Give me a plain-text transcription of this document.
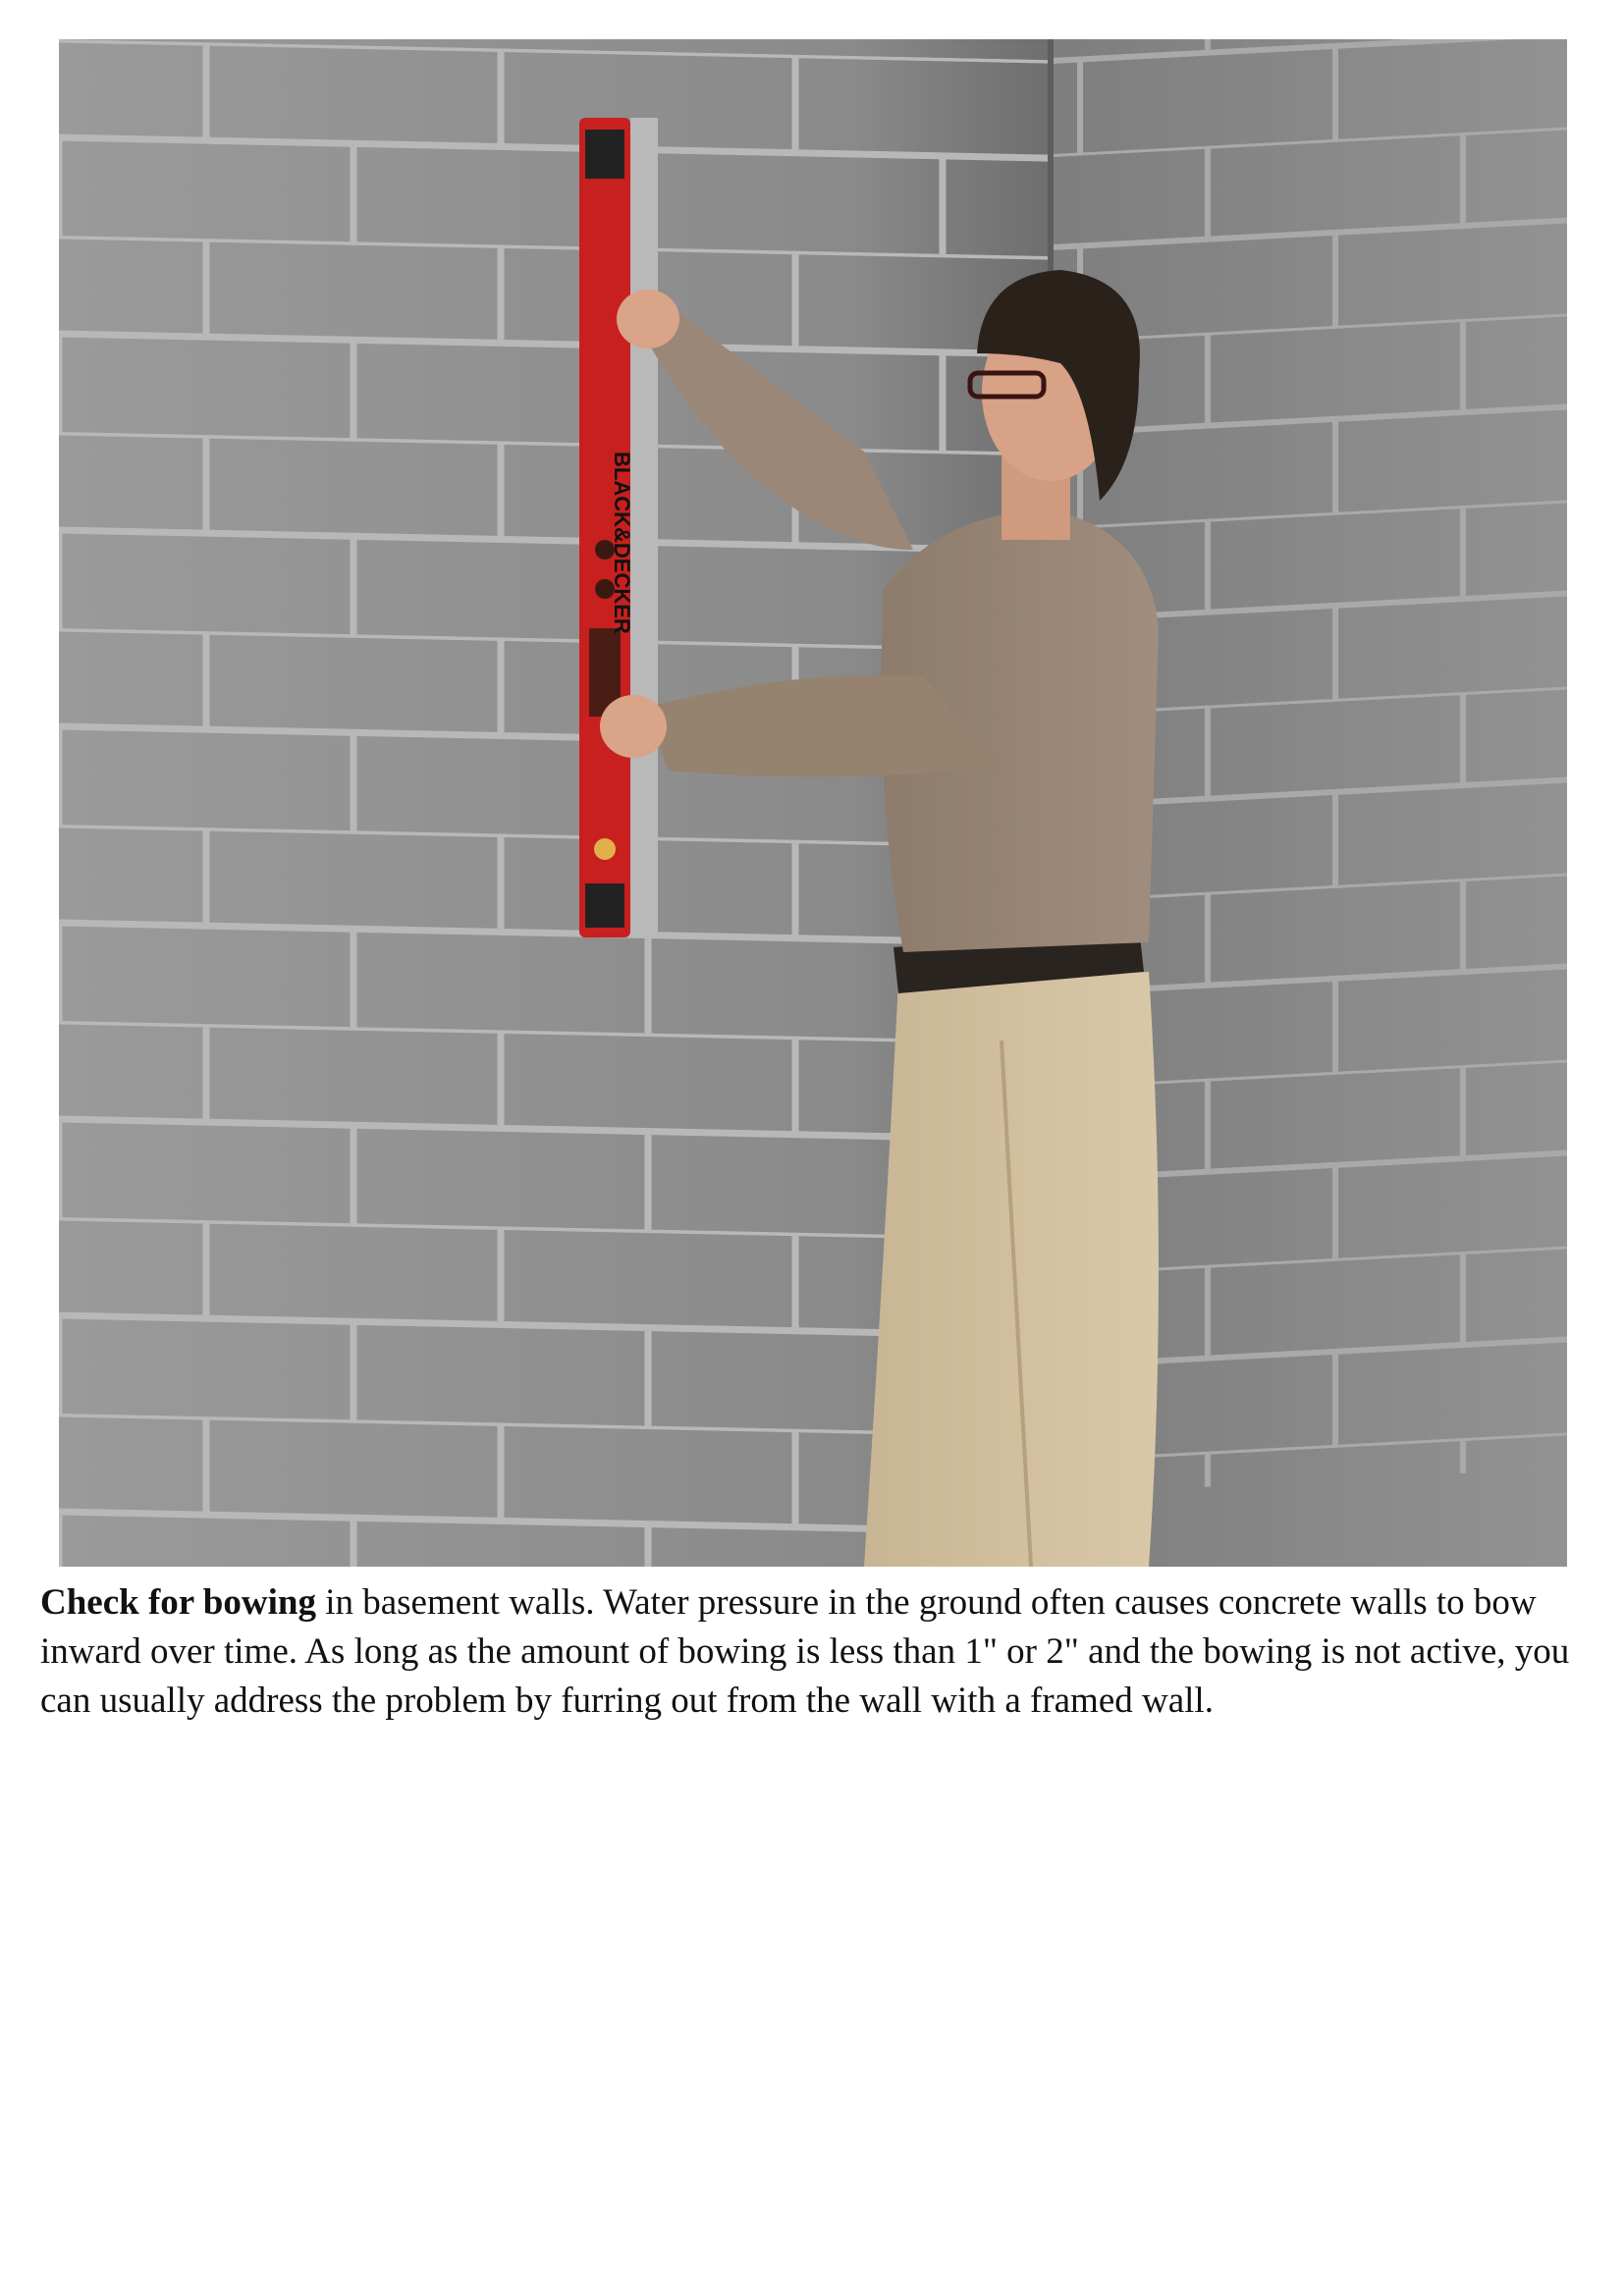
BLACK&DECKER

Check for bowing in basement walls. Water pressure in the ground often causes concrete walls to bow inward over time. As long as the amount of bowing is less than 1" or 2" and the bowing is not active, you can usually address the problem by furring out from the wall with a framed wall.
